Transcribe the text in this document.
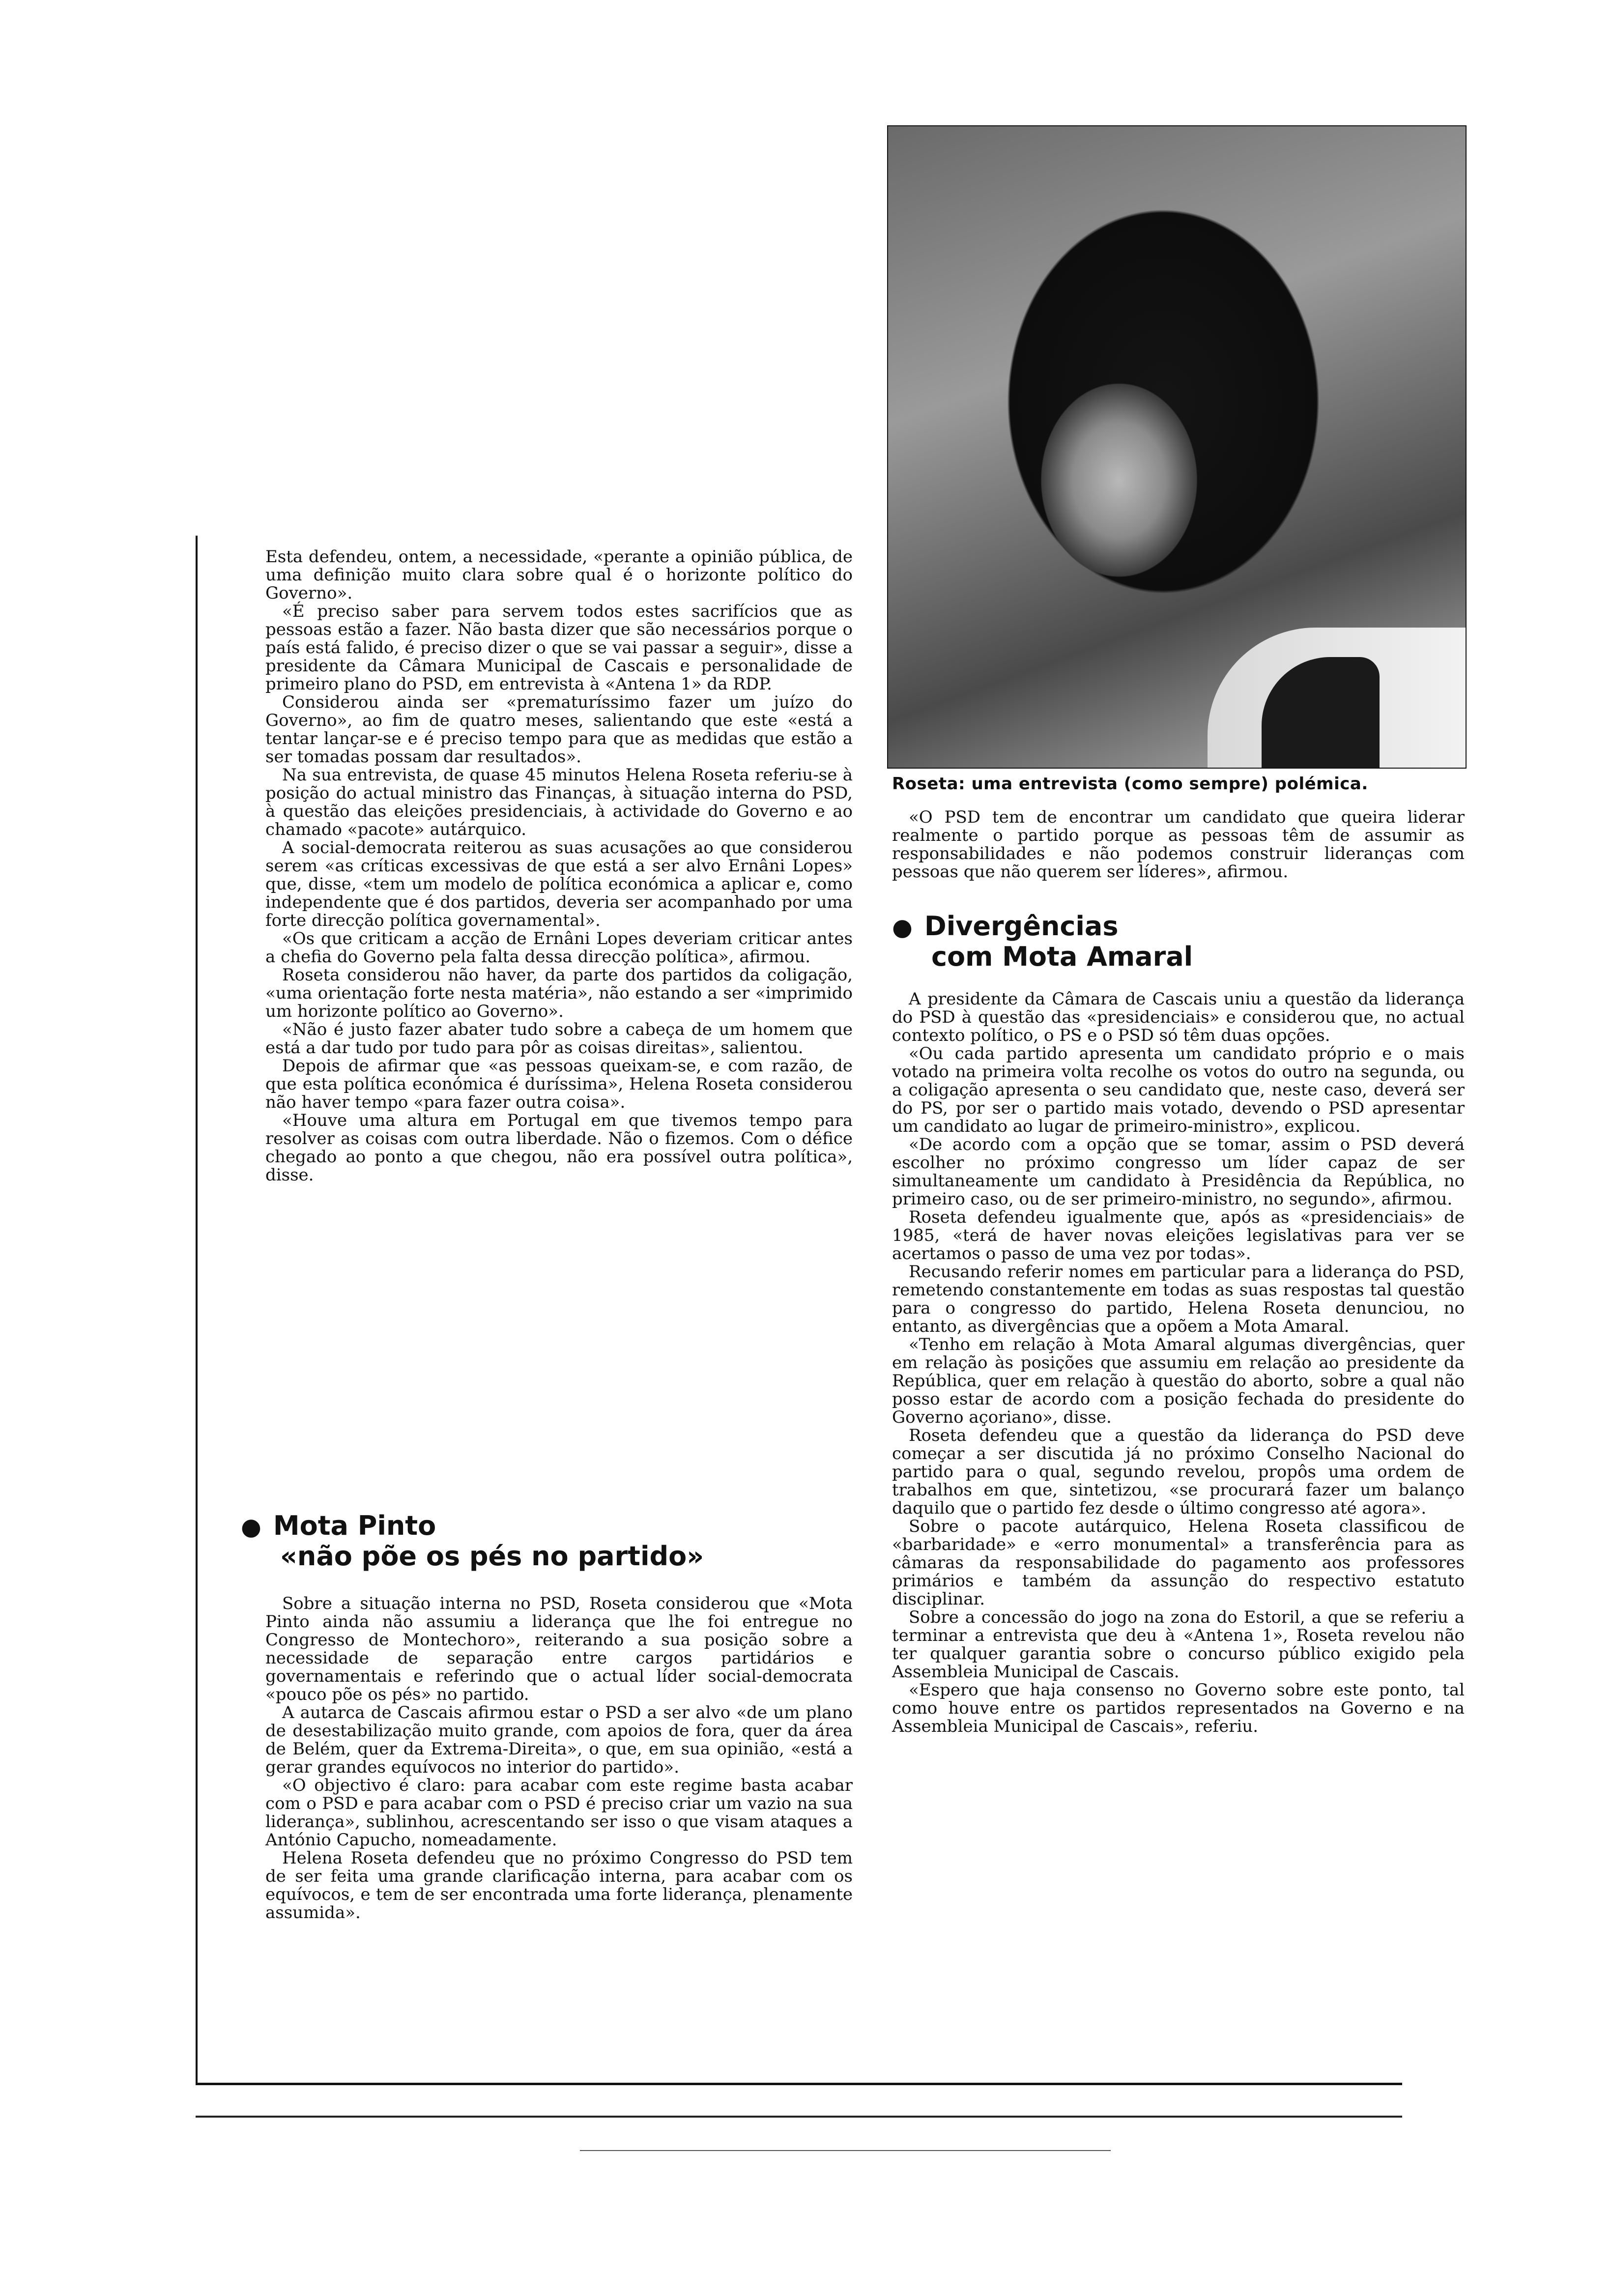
Roseta: uma entrevista (como sempre) polémica.

Esta defendeu, ontem, a necessidade, «perante a opinião pública, de uma definição muito clara sobre qual é o horizonte político do Governo».

«É preciso saber para servem todos estes sacrifícios que as pessoas estão a fazer. Não basta dizer que são necessários porque o país está falido, é preciso dizer o que se vai passar a seguir», disse a presidente da Câmara Municipal de Cascais e personalidade de primeiro plano do PSD, em entrevista à «Antena 1» da RDP.

Considerou ainda ser «prematuríssimo fazer um juízo do Governo», ao fim de quatro meses, salientando que este «está a tentar lançar-se e é preciso tempo para que as medidas que estão a ser tomadas possam dar resultados».

Na sua entrevista, de quase 45 minutos Helena Roseta referiu-se à posição do actual ministro das Finanças, à situação interna do PSD, à questão das eleições presidenciais, à actividade do Governo e ao chamado «pacote» autárquico.

A social-democrata reiterou as suas acusações ao que considerou serem «as críticas excessivas de que está a ser alvo Ernâni Lopes» que, disse, «tem um modelo de política económica a aplicar e, como independente que é dos partidos, deveria ser acompanhado por uma forte direcção política governamental».

«Os que criticam a acção de Ernâni Lopes deveriam criticar antes a chefia do Governo pela falta dessa direcção política», afirmou.

Roseta considerou não haver, da parte dos partidos da coligação, «uma orientação forte nesta matéria», não estando a ser «imprimido um horizonte político ao Governo».

«Não é justo fazer abater tudo sobre a cabeça de um homem que está a dar tudo por tudo para pôr as coisas direitas», salientou.

Depois de afirmar que «as pessoas queixam-se, e com razão, de que esta política económica é duríssima», Helena Roseta considerou não haver tempo «para fazer outra coisa».

«Houve uma altura em Portugal em que tivemos tempo para resolver as coisas com outra liberdade. Não o fizemos. Com o défice chegado ao ponto a que chegou, não era possível outra política», disse.

● Mota Pinto
«não põe os pés no partido»

Sobre a situação interna no PSD, Roseta considerou que «Mota Pinto ainda não assumiu a liderança que lhe foi entregue no Congresso de Montechoro», reiterando a sua posição sobre a necessidade de separação entre cargos partidários e governamentais e referindo que o actual líder social-democrata «pouco põe os pés» no partido.

A autarca de Cascais afirmou estar o PSD a ser alvo «de um plano de desestabilização muito grande, com apoios de fora, quer da área de Belém, quer da Extrema-Direita», o que, em sua opinião, «está a gerar grandes equívocos no interior do partido».

«O objectivo é claro: para acabar com este regime basta acabar com o PSD e para acabar com o PSD é preciso criar um vazio na sua liderança», sublinhou, acrescentando ser isso o que visam ataques a António Capucho, nomeadamente.

Helena Roseta defendeu que no próximo Congresso do PSD tem de ser feita uma grande clarificação interna, para acabar com os equívocos, e tem de ser encontrada uma forte liderança, plenamente assumida».

«O PSD tem de encontrar um candidato que queira liderar realmente o partido porque as pessoas têm de assumir as responsabilidades e não podemos construir lideranças com pessoas que não querem ser líderes», afirmou.

● Divergências
com Mota Amaral

A presidente da Câmara de Cascais uniu a questão da liderança do PSD à questão das «presidenciais» e considerou que, no actual contexto político, o PS e o PSD só têm duas opções.

«Ou cada partido apresenta um candidato próprio e o mais votado na primeira volta recolhe os votos do outro na segunda, ou a coligação apresenta o seu candidato que, neste caso, deverá ser do PS, por ser o partido mais votado, devendo o PSD apresentar um candidato ao lugar de primeiro-ministro», explicou.

«De acordo com a opção que se tomar, assim o PSD deverá escolher no próximo congresso um líder capaz de ser simultaneamente um candidato à Presidência da República, no primeiro caso, ou de ser primeiro-ministro, no segundo», afirmou.

Roseta defendeu igualmente que, após as «presidenciais» de 1985, «terá de haver novas eleições legislativas para ver se acertamos o passo de uma vez por todas».

Recusando referir nomes em particular para a liderança do PSD, remetendo constantemente em todas as suas respostas tal questão para o congresso do partido, Helena Roseta denunciou, no entanto, as divergências que a opõem a Mota Amaral.

«Tenho em relação à Mota Amaral algumas divergências, quer em relação às posições que assumiu em relação ao presidente da República, quer em relação à questão do aborto, sobre a qual não posso estar de acordo com a posição fechada do presidente do Governo açoriano», disse.

Roseta defendeu que a questão da liderança do PSD deve começar a ser discutida já no próximo Conselho Nacional do partido para o qual, segundo revelou, propôs uma ordem de trabalhos em que, sintetizou, «se procurará fazer um balanço daquilo que o partido fez desde o último congresso até agora».

Sobre o pacote autárquico, Helena Roseta classificou de «barbaridade» e «erro monumental» a transferência para as câmaras da responsabilidade do pagamento aos professores primários e também da assunção do respectivo estatuto disciplinar.

Sobre a concessão do jogo na zona do Estoril, a que se referiu a terminar a entrevista que deu à «Antena 1», Roseta revelou não ter qualquer garantia sobre o concurso público exigido pela Assembleia Municipal de Cascais.

«Espero que haja consenso no Governo sobre este ponto, tal como houve entre os partidos representados na Governo e na Assembleia Municipal de Cascais», referiu.
